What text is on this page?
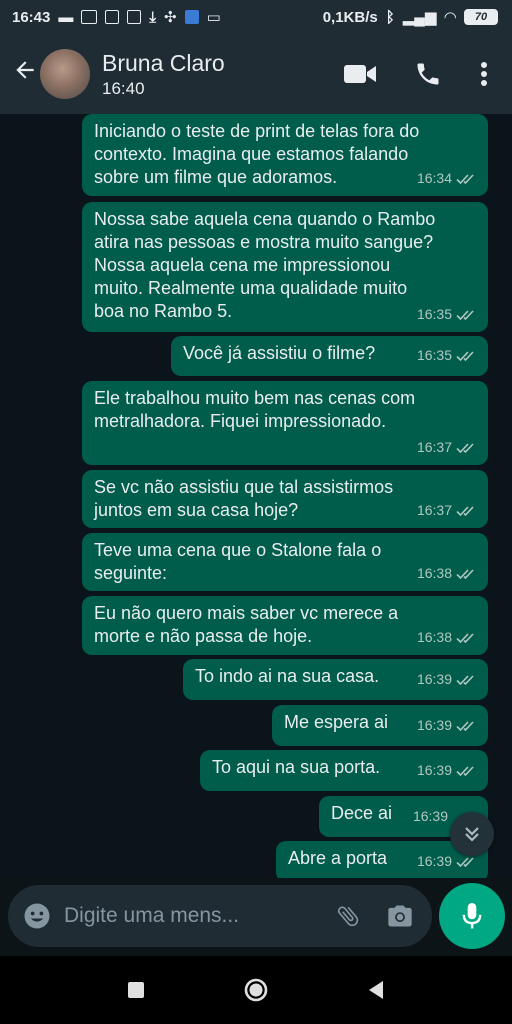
16:43 ▬	⤓ ✣ ▭	0,1KB/s ᛒ ▂▄▆ ◠	70
Bruna Claro
16:40
Iniciando o teste de print de telas fora do
contexto. Imagina que estamos falando
sobre um filme que adoramos.	16:34
Nossa sabe aquela cena quando o Rambo
atira nas pessoas e mostra muito sangue?
Nossa aquela cena me impressionou
muito. Realmente uma qualidade muito
boa no Rambo 5.	16:35
Você já assistiu o filme?	16:35
Ele trabalhou muito bem nas cenas com
metralhadora. Fiquei impressionado.
16:37
Se vc não assistiu que tal assistirmos
juntos em sua casa hoje?	16:37
Teve uma cena que o Stalone fala o
seguinte:	16:38
Eu não quero mais saber vc merece a
morte e não passa de hoje.	16:38
To indo ai na sua casa.	16:39
Me espera ai	16:39
To aqui na sua porta.	16:39
Dece ai	16:39
Abre a porta	16:39
Digite uma mens...
